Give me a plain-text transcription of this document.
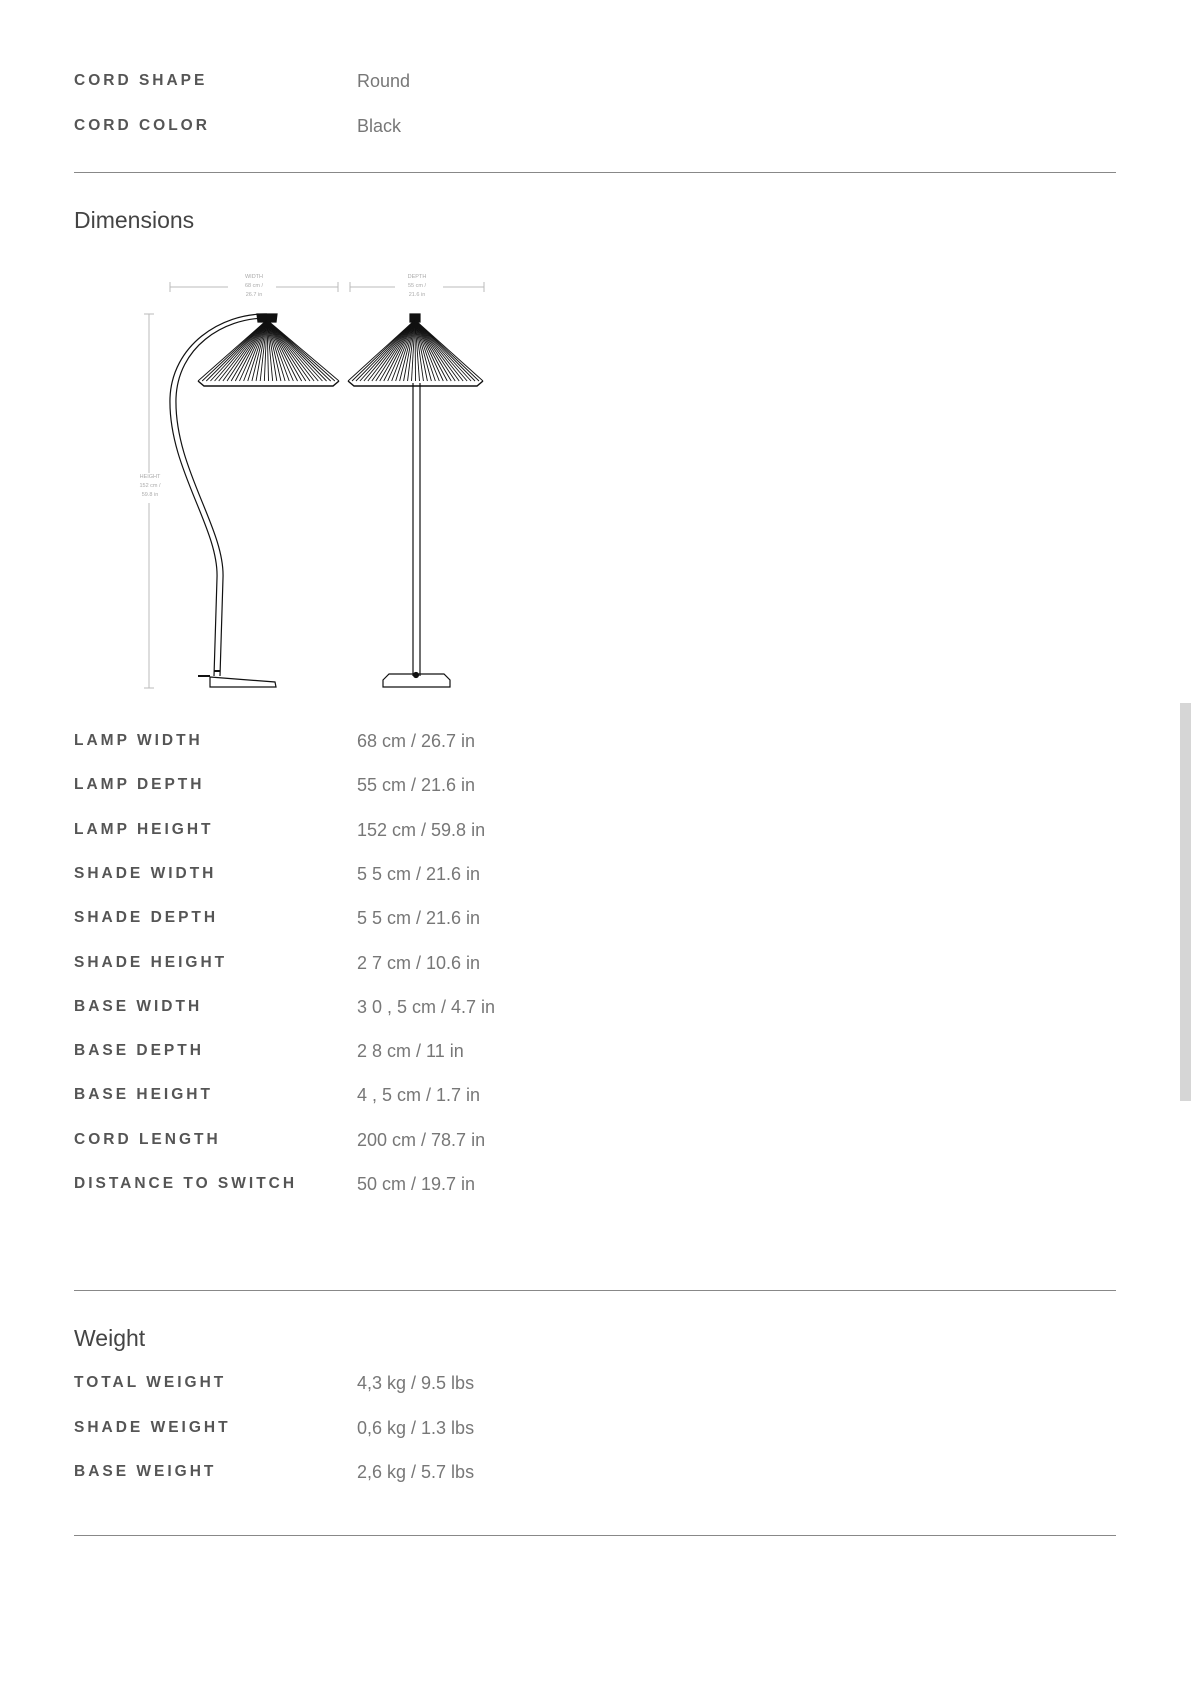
CORD SHAPE	Round
CORD COLOR	Black
Dimensions
WIDTH
68 cm /
26.7 in
DEPTH
55 cm /
21.6 in
HEIGHT
152 cm /
59.8 in
LAMP WIDTH	68 cm / 26.7 in
LAMP DEPTH	55 cm / 21.6 in
LAMP HEIGHT	152 cm / 59.8 in
SHADE WIDTH	5 5 cm / 21.6 in
SHADE DEPTH	5 5 cm / 21.6 in
SHADE HEIGHT	2 7 cm / 10.6 in
BASE WIDTH	3 0 , 5 cm / 4.7 in
BASE DEPTH	2 8 cm / 11 in
BASE HEIGHT	4 , 5 cm / 1.7 in
CORD LENGTH	200 cm / 78.7 in
DISTANCE TO SWITCH	50 cm / 19.7 in
Weight
TOTAL WEIGHT	4,3 kg / 9.5 lbs
SHADE WEIGHT	0,6 kg / 1.3 lbs
BASE WEIGHT	2,6 kg / 5.7 lbs
